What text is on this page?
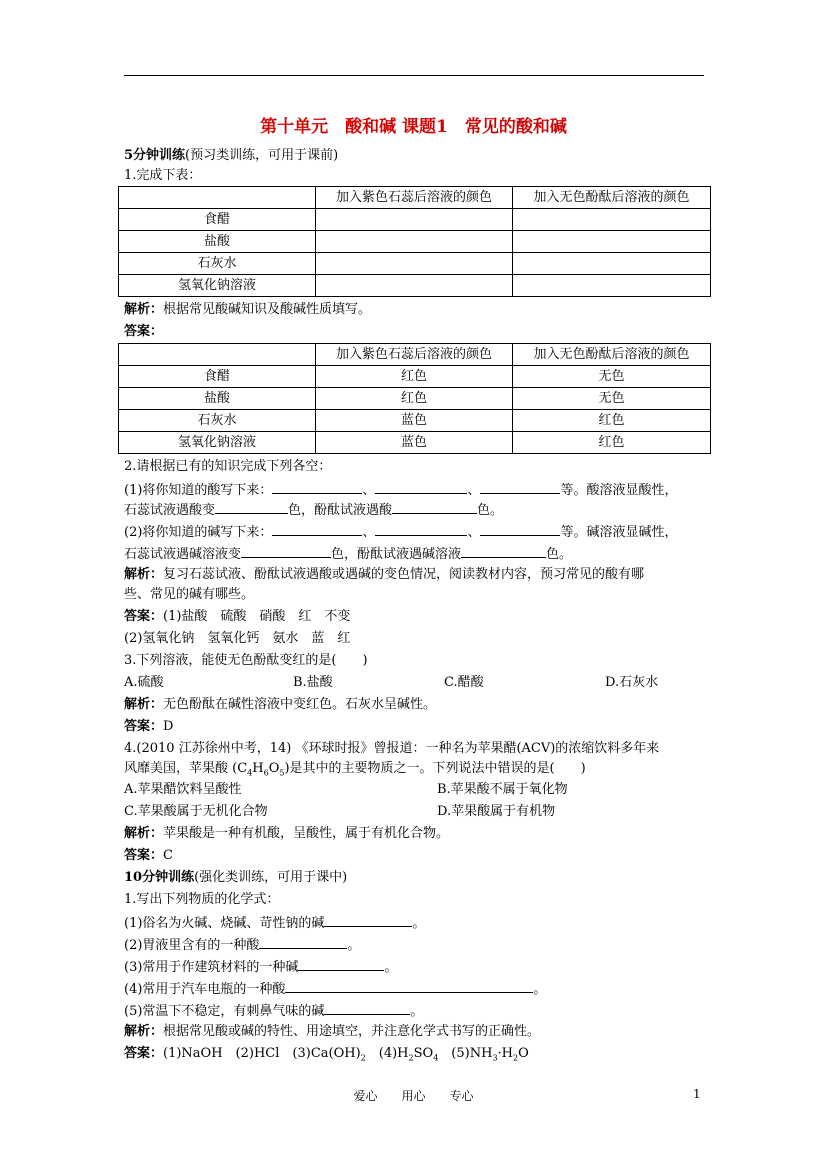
第十单元　酸和碱 课题1　常见的酸和碱
5分钟训练(预习类训练，可用于课前)
1.完成下表：
	加入紫色石蕊后溶液的颜色	加入无色酚酞后溶液的颜色
食醋		
盐酸		
石灰水		
氢氧化钠溶液		
解析：根据常见酸碱知识及酸碱性质填写。
答案：
	加入紫色石蕊后溶液的颜色	加入无色酚酞后溶液的颜色
食醋	红色	无色
盐酸	红色	无色
石灰水	蓝色	红色
氢氧化钠溶液	蓝色	红色
2.请根据已有的知识完成下列各空：
(1)将你知道的酸写下来：	、	、	等。酸溶液显酸性，
石蕊试液遇酸变	色，酚酞试液遇酸	色。
(2)将你知道的碱写下来：	、	、	等。碱溶液显碱性，
石蕊试液遇碱溶液变	色，酚酞试液遇碱溶液	色。
解析：复习石蕊试液、酚酞试液遇酸或遇碱的变色情况，阅读教材内容，预习常见的酸有哪
些、常见的碱有哪些。
答案：(1)盐酸　硫酸　硝酸　红　不变
(2)氢氧化钠　氢氧化钙　氨水　蓝　红
3.下列溶液，能使无色酚酞变红的是(　　)
A.硫酸	B.盐酸	C.醋酸	D.石灰水
解析：无色酚酞在碱性溶液中变红色。石灰水呈碱性。
答案：D
4.(2010 江苏徐州中考，14) 《环球时报》曾报道：一种名为苹果醋(ACV)的浓缩饮料多年来
风靡美国，苹果酸 $(C_4H_6O_5)$是其中的主要物质之一。下列说法中错误的是(　　)
A.苹果醋饮料呈酸性	B.苹果酸不属于氧化物
C.苹果酸属于无机化合物	D.苹果酸属于有机物
解析：苹果酸是一种有机酸，呈酸性，属于有机化合物。
答案：C
10分钟训练(强化类训练，可用于课中)
1.写出下列物质的化学式：
(1)俗名为火碱、烧碱、苛性钠的碱	。
(2)胃液里含有的一种酸	。
(3)常用于作建筑材料的一种碱	。
(4)常用于汽车电瓶的一种酸	。
(5)常温下不稳定，有刺鼻气味的碱	。
解析：根据常见酸或碱的特性、用途填空，并注意化学式书写的正确性。
答案：(1)NaOH　(2)HCl　$(3)Ca(OH)_2$　$(4)H_2SO_4$　$(5)NH_3\cdot H_2O$
爱心　　用心　　专心	1
